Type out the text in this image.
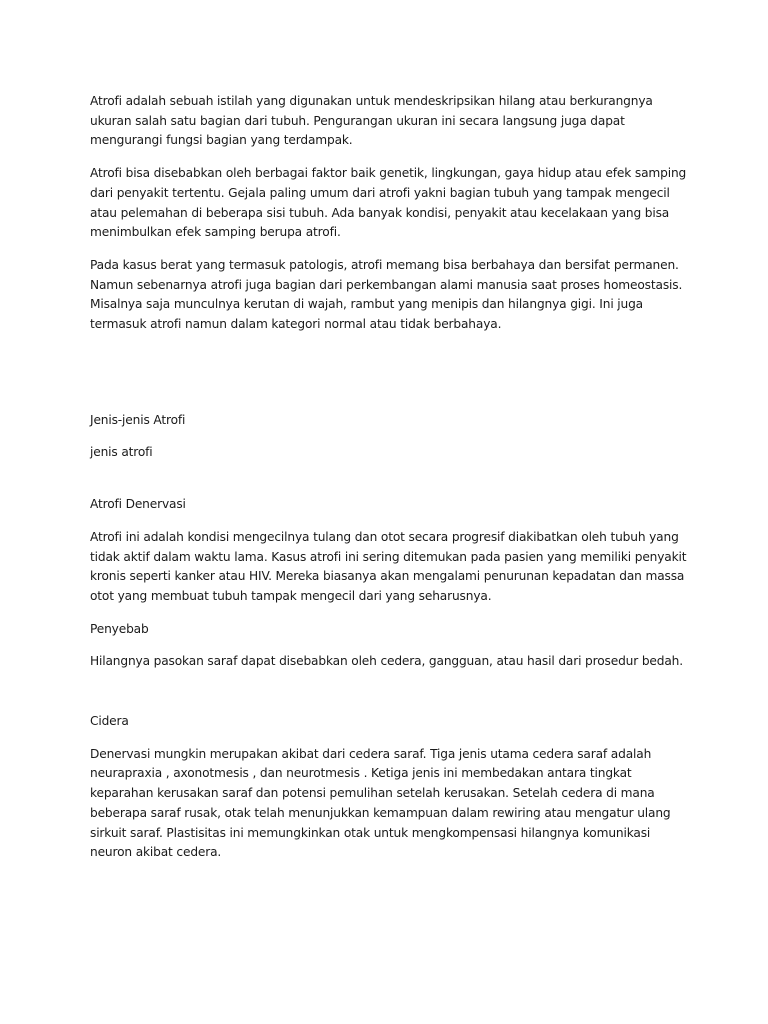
Atrofi adalah sebuah istilah yang digunakan untuk mendeskripsikan hilang atau berkurangnya ukuran salah satu bagian dari tubuh. Pengurangan ukuran ini secara langsung juga dapat mengurangi fungsi bagian yang terdampak.

Atrofi bisa disebabkan oleh berbagai faktor baik genetik, lingkungan, gaya hidup atau efek samping dari penyakit tertentu. Gejala paling umum dari atrofi yakni bagian tubuh yang tampak mengecil atau pelemahan di beberapa sisi tubuh. Ada banyak kondisi, penyakit atau kecelakaan yang bisa menimbulkan efek samping berupa atrofi.

Pada kasus berat yang termasuk patologis, atrofi memang bisa berbahaya dan bersifat permanen. Namun sebenarnya atrofi juga bagian dari perkembangan alami manusia saat proses homeostasis. Misalnya saja munculnya kerutan di wajah, rambut yang menipis dan hilangnya gigi. Ini juga termasuk atrofi namun dalam kategori normal atau tidak berbahaya.

Jenis-jenis Atrofi

jenis atrofi

Atrofi Denervasi

Atrofi ini adalah kondisi mengecilnya tulang dan otot secara progresif diakibatkan oleh tubuh yang tidak aktif dalam waktu lama. Kasus atrofi ini sering ditemukan pada pasien yang memiliki penyakit kronis seperti kanker atau HIV. Mereka biasanya akan mengalami penurunan kepadatan dan massa otot yang membuat tubuh tampak mengecil dari yang seharusnya.

Penyebab

Hilangnya pasokan saraf dapat disebabkan oleh cedera, gangguan, atau hasil dari prosedur bedah.

Cidera

Denervasi mungkin merupakan akibat dari cedera saraf. Tiga jenis utama cedera saraf adalah neurapraxia , axonotmesis , dan neurotmesis . Ketiga jenis ini membedakan antara tingkat keparahan kerusakan saraf dan potensi pemulihan setelah kerusakan. Setelah cedera di mana beberapa saraf rusak, otak telah menunjukkan kemampuan dalam rewiring atau mengatur ulang sirkuit saraf. Plastisitas ini memungkinkan otak untuk mengkompensasi hilangnya komunikasi neuron akibat cedera.
